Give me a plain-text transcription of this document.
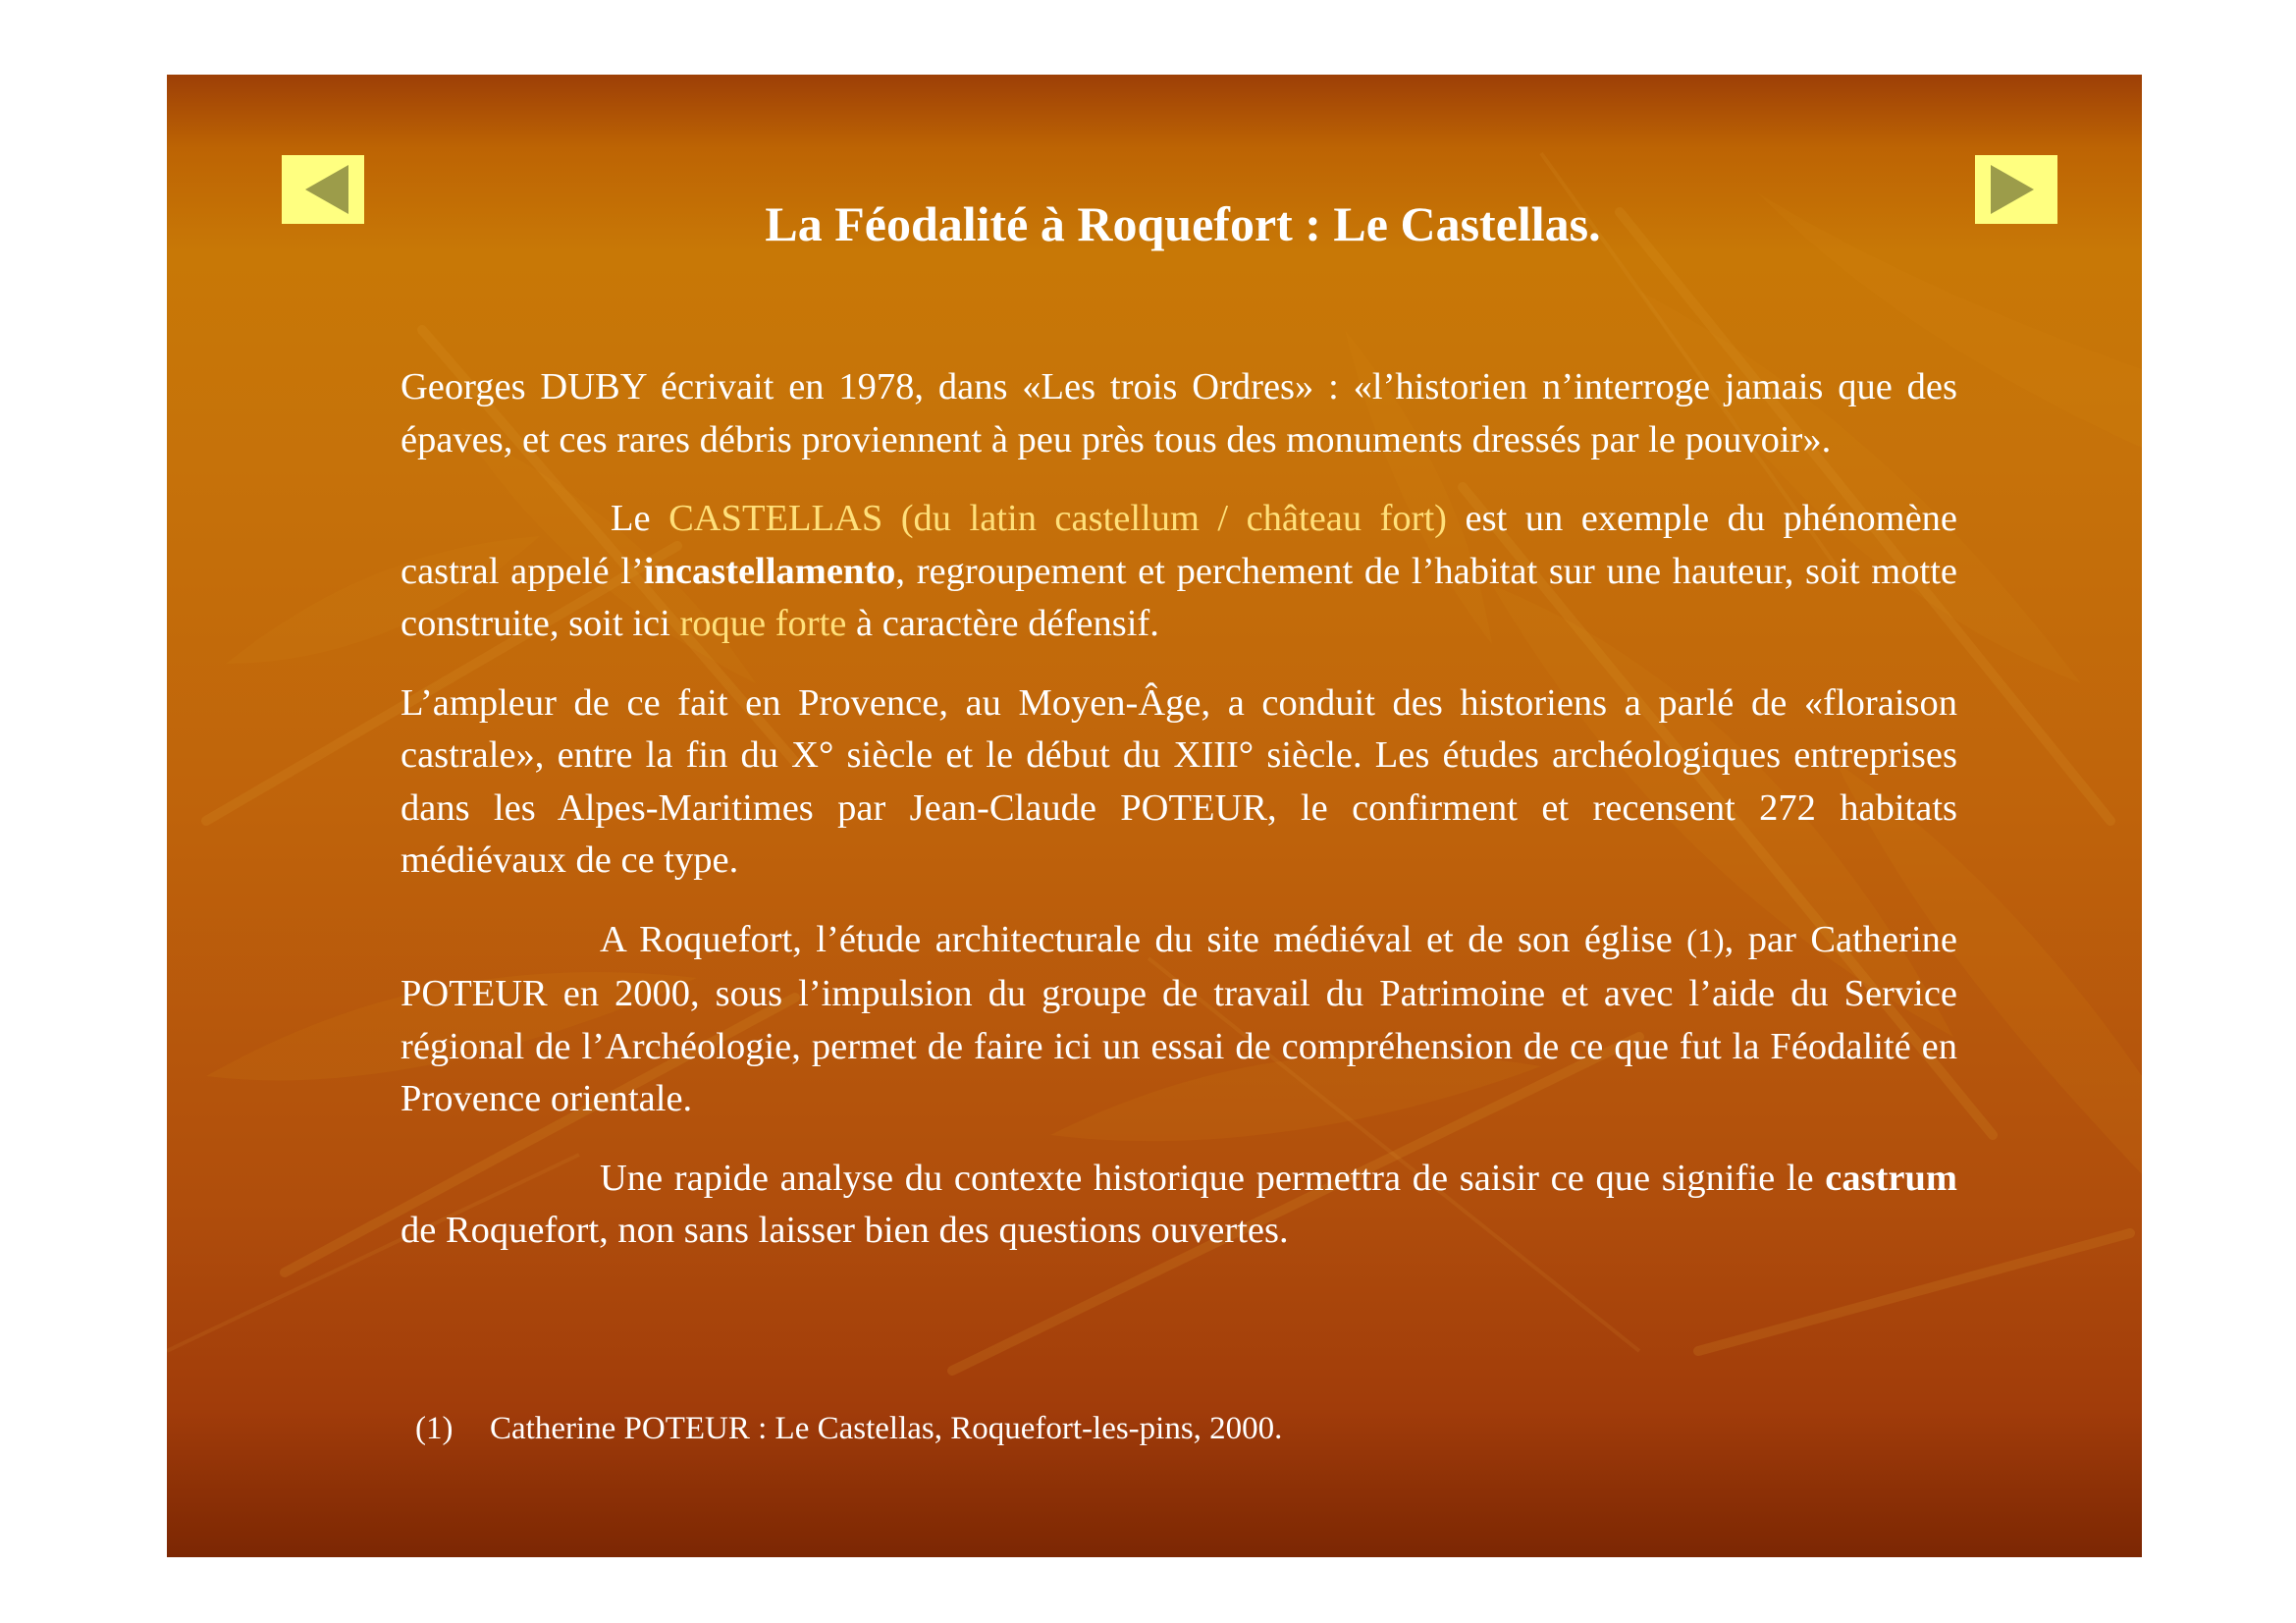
La Féodalité à Roquefort : Le Castellas.

Georges DUBY écrivait en 1978, dans «Les trois Ordres» : «l’historien n’interroge jamais que des épaves, et ces rares débris proviennent à peu près tous des monuments dressés par le pouvoir».

Le CASTELLAS (du latin castellum / château fort) est un exemple du phénomène castral appelé l’incastellamento, regroupement et perchement de l’habitat sur une hauteur, soit motte construite, soit ici roque forte à caractère défensif.

L’ampleur de ce fait en Provence, au Moyen-Âge, a conduit des historiens a parlé de «floraison castrale», entre la fin du X° siècle et le début du XIII° siècle. Les études archéologiques entreprises dans les Alpes-Maritimes par Jean-Claude POTEUR, le confirment et recensent 272 habitats médiévaux de ce type.

A Roquefort, l’étude architecturale du site médiéval et de son église (1), par Catherine POTEUR en 2000, sous l’impulsion du groupe de travail du Patrimoine et avec l’aide du Service régional de l’Archéologie, permet de faire ici un essai de compréhension de ce que fut la Féodalité en Provence orientale.

Une rapide analyse du contexte historique permettra de saisir ce que signifie le castrum de Roquefort, non sans laisser bien des questions ouvertes.

(1) Catherine POTEUR : Le Castellas, Roquefort-les-pins, 2000.
